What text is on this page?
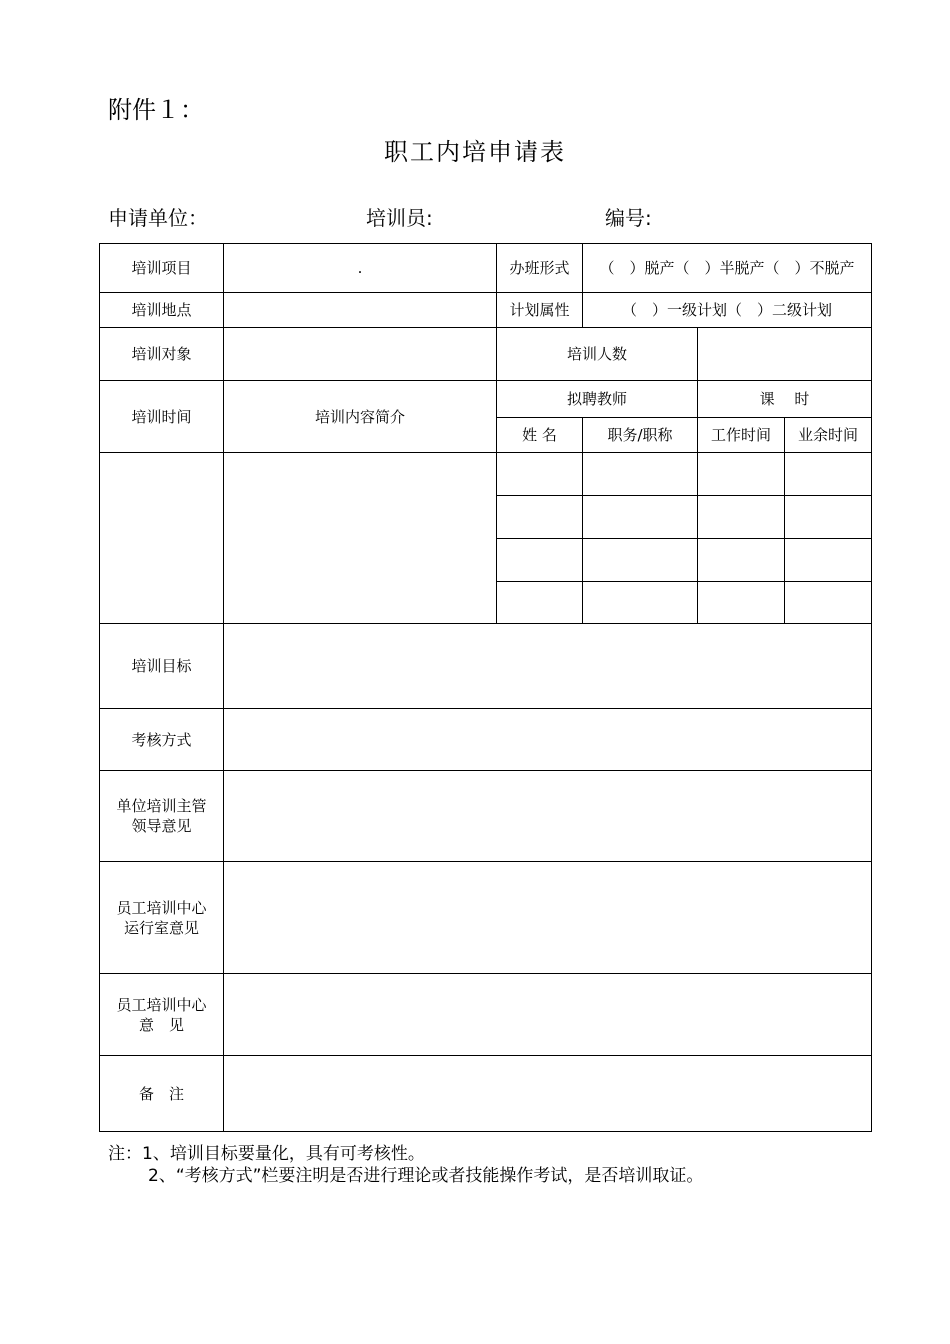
附件１：
职工内培申请表
申请单位：	培训员:	编号:
培训项目	.	办班形式	（　）脱产（　）半脱产（　）不脱产		
培训地点		计划属性	（　）一级计划（　）二级计划		
培训对象		培训人数			
培训时间	培训内容简介	拟聘教师		课　 时	
		姓 名	职务/职称	工作时间	业余时间

培训目标					
考核方式					

单位培训主管
领导意见					

员工培训中心
运行室意见					

员工培训中心
意　见					

备　注					
注：1、培训目标要量化，具有可考核性。
2、“考核方式”栏要注明是否进行理论或者技能操作考试，是否培训取证。
